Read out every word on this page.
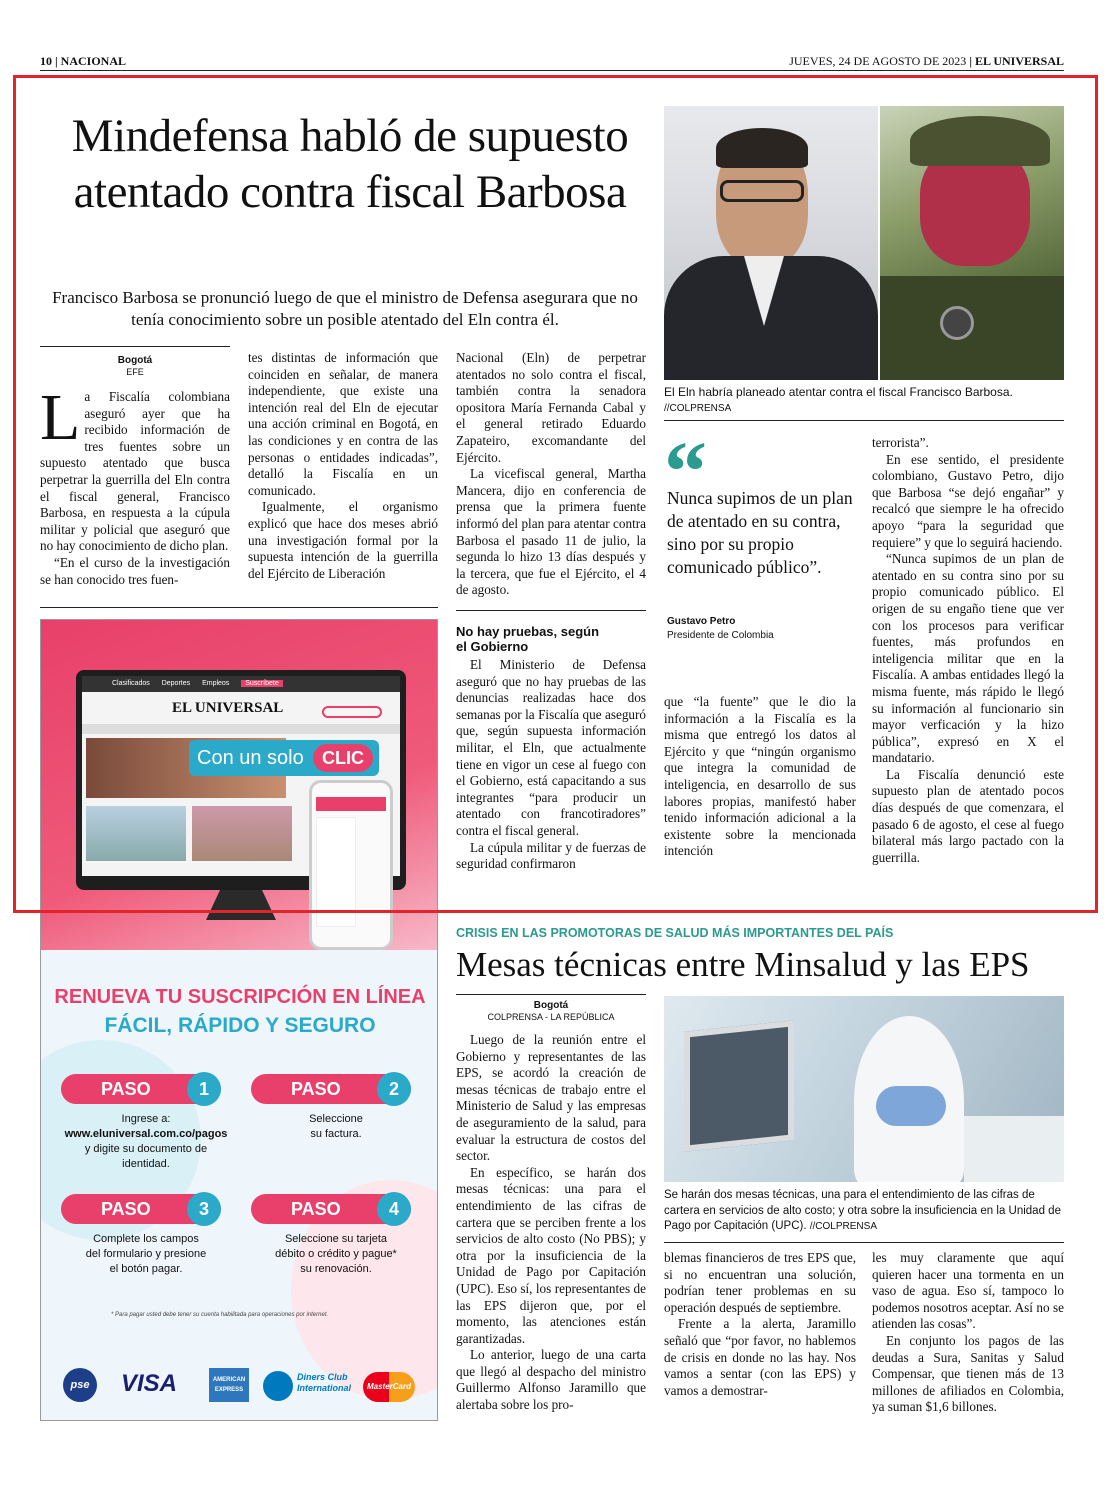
10 | NACIONAL	JUEVES, 24 DE AGOSTO DE 2023 | EL UNIVERSAL
Mindefensa habló de supuesto atentado contra fiscal Barbosa
Francisco Barbosa se pronunció luego de que el ministro de Defensa asegurara que no tenía conocimiento sobre un posible atentado del Eln contra él.
Bogotá
EFE
L a Fiscalía colombiana aseguró ayer que ha recibido información de tres fuentes sobre un supuesto atentado que busca perpetrar la guerrilla del Eln contra el fiscal general, Francisco Barbosa, en respuesta a la cúpula militar y policial que aseguró que no hay conocimiento de dicho plan.

“En el curso de la investigación se han conocido tres fuen-

tes distintas de información que coinciden en señalar, de manera independiente, que existe una intención real del Eln de ejecutar una acción criminal en Bogotá, en las condiciones y en contra de las personas o entidades indicadas”, detalló la Fiscalía en un comunicado.

Igualmente, el organismo explicó que hace dos meses abrió una investigación formal por la supuesta intención de la guerrilla del Ejército de Liberación

Nacional (Eln) de perpetrar atentados no solo contra el fiscal, también contra la senadora opositora María Fernanda Cabal y el general retirado Eduardo Zapateiro, excomandante del Ejército.

La vicefiscal general, Martha Mancera, dijo en conferencia de prensa que la primera fuente informó del plan para atentar contra Barbosa el pasado 11 de julio, la segunda lo hizo 13 días después y la tercera, que fue el Ejército, el 4 de agosto.

No hay pruebas, según el Gobierno

El Ministerio de Defensa aseguró que no hay pruebas de las denuncias realizadas hace dos semanas por la Fiscalía que aseguró que, según supuesta información militar, el Eln, que actualmente tiene en vigor un cese al fuego con el Gobierno, está capacitando a sus integrantes “para producir un atentado con francotiradores” contra el fiscal general.

La cúpula militar y de fuerzas de seguridad confirmaron

El Eln habría planeado atentar contra el fiscal Francisco Barbosa.
//COLPRENSA
“
Nunca supimos de un plan de atentado en su contra, sino por su propio comunicado público”.
Gustavo Petro
Presidente de Colombia

que “la fuente” que le dio la información a la Fiscalía es la misma que entregó los datos al Ejército y que “ningún organismo que integra la comunidad de inteligencia, en desarrollo de sus labores propias, manifestó haber tenido información adicional a la existente sobre la mencionada intención

terrorista”.

En ese sentido, el presidente colombiano, Gustavo Petro, dijo que Barbosa “se dejó engañar” y recalcó que siempre le ha ofrecido apoyo “para la seguridad que requiere” y que lo seguirá haciendo.

“Nunca supimos de un plan de atentado en su contra sino por su propio comunicado público. El origen de su engaño tiene que ver con los procesos para verificar fuentes, más profundos en inteligencia militar que en la Fiscalía. A ambas entidades llegó la misma fuente, más rápido le llegó su información al funcionario sin mayor verficación y la hizo pública”, expresó en X el mandatario.

La Fiscalía denunció este supuesto plan de atentado pocos días después de que comenzara, el pasado 6 de agosto, el cese al fuego bilateral más largo pactado con la guerrilla.

Clasificados Deportes Empleos Suscríbete
EL UNIVERSAL
Con un solo	CLIC
RENUEVA TU SUSCRIPCIÓN EN LÍNEA
FÁCIL, RÁPIDO Y SEGURO
PASO	1
Ingrese a:
www.eluniversal.com.co/pagos
y digite su documento de identidad.
PASO	2
Seleccione
su factura.
PASO	3
Complete los campos
del formulario y presione
el botón pagar.
PASO	4
Seleccione su tarjeta
débito o crédito y pague*
su renovación.
* Para pagar usted debe tener su cuenta habilitada para operaciones por internet.
pse	VISA	AMERICAN EXPRESS
Diners Club International	MasterCard
CRISIS EN LAS PROMOTORAS DE SALUD MÁS IMPORTANTES DEL PAÍS
Mesas técnicas entre Minsalud y las EPS
Bogotá
COLPRENSA - LA REPÚBLICA

Luego de la reunión entre el Gobierno y representantes de las EPS, se acordó la creación de mesas técnicas de trabajo entre el Ministerio de Salud y las empresas de aseguramiento de la salud, para evaluar la estructura de costos del sector.

En específico, se harán dos mesas técnicas: una para el entendimiento de las cifras de cartera que se perciben frente a los servicios de alto costo (No PBS); y otra por la insuficiencia de la Unidad de Pago por Capitación (UPC). Eso sí, los representantes de las EPS dijeron que, por el momento, las atenciones están garantizadas.

Lo anterior, luego de una carta que llegó al despacho del ministro Guillermo Alfonso Jaramillo que alertaba sobre los pro-

Se harán dos mesas técnicas, una para el entendimiento de las cifras de cartera en servicios de alto costo; y otra sobre la insuficiencia en la Unidad de Pago por Capitación (UPC). //COLPRENSA

blemas financieros de tres EPS que, si no encuentran una solución, podrían tener problemas en su operación después de septiembre.

Frente a la alerta, Jaramillo señaló que “por favor, no hablemos de crisis en donde no las hay. Nos vamos a sentar (con las EPS) y vamos a demostrar-

les muy claramente que aquí quieren hacer una tormenta en un vaso de agua. Eso sí, tampoco lo podemos nosotros aceptar. Así no se atienden las cosas”.

En conjunto los pagos de las deudas a Sura, Sanitas y Salud Compensar, que tienen más de 13 millones de afiliados en Colombia, ya suman $1,6 billones.
